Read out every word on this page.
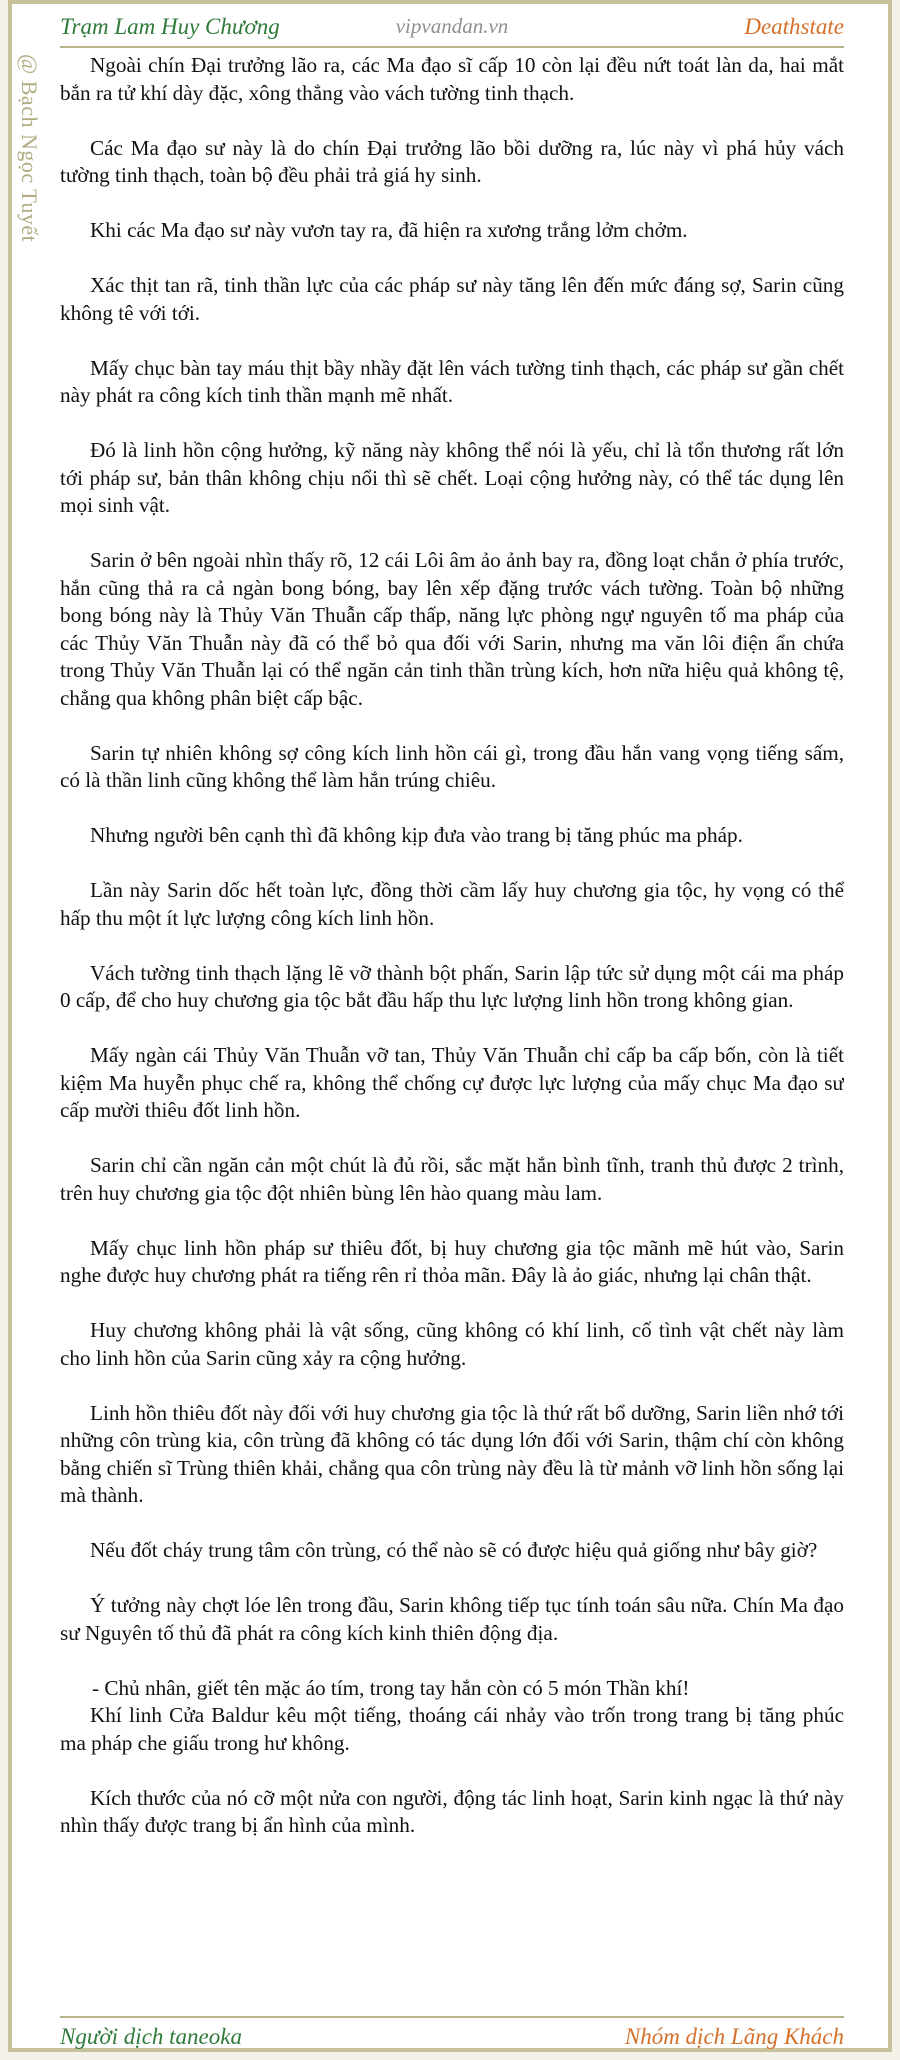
Trạm Lam Huy Chương	vipvandan.vn	Deathstate
@ Bạch Ngọc Tuyết	Ngoài chín Đại trưởng lão ra, các Ma đạo sĩ cấp 10 còn lại đều nứt toát làn da, hai mắt bắn ra tử khí dày đặc, xông thẳng vào vách tường tinh thạch.

Các Ma đạo sư này là do chín Đại trưởng lão bồi dưỡng ra, lúc này vì phá hủy vách tường tinh thạch, toàn bộ đều phải trả giá hy sinh.

Khi các Ma đạo sư này vươn tay ra, đã hiện ra xương trắng lởm chởm.

Xác thịt tan rã, tinh thần lực của các pháp sư này tăng lên đến mức đáng sợ, Sarin cũng không tê với tới.

Mấy chục bàn tay máu thịt bầy nhầy đặt lên vách tường tinh thạch, các pháp sư gần chết này phát ra công kích tinh thần mạnh mẽ nhất.

Đó là linh hồn cộng hưởng, kỹ năng này không thể nói là yếu, chỉ là tổn thương rất lớn tới pháp sư, bản thân không chịu nổi thì sẽ chết. Loại cộng hưởng này, có thể tác dụng lên mọi sinh vật.

Sarin ở bên ngoài nhìn thấy rõ, 12 cái Lôi âm ảo ảnh bay ra, đồng loạt chắn ở phía trước, hắn cũng thả ra cả ngàn bong bóng, bay lên xếp đặng trước vách tường. Toàn bộ những bong bóng này là Thủy Văn Thuẫn cấp thấp, năng lực phòng ngự nguyên tố ma pháp của các Thủy Văn Thuẫn này đã có thể bỏ qua đối với Sarin, nhưng ma văn lôi điện ẩn chứa trong Thủy Văn Thuẫn lại có thể ngăn cản tinh thần trùng kích, hơn nữa hiệu quả không tệ, chẳng qua không phân biệt cấp bậc.

Sarin tự nhiên không sợ công kích linh hồn cái gì, trong đầu hắn vang vọng tiếng sấm, có là thần linh cũng không thể làm hắn trúng chiêu.

Nhưng người bên cạnh thì đã không kịp đưa vào trang bị tăng phúc ma pháp.

Lần này Sarin dốc hết toàn lực, đồng thời cầm lấy huy chương gia tộc, hy vọng có thể hấp thu một ít lực lượng công kích linh hồn.

Vách tường tinh thạch lặng lẽ vỡ thành bột phấn, Sarin lập tức sử dụng một cái ma pháp 0 cấp, để cho huy chương gia tộc bắt đầu hấp thu lực lượng linh hồn trong không gian.

Mấy ngàn cái Thủy Văn Thuẫn vỡ tan, Thủy Văn Thuẫn chỉ cấp ba cấp bốn, còn là tiết kiệm Ma huyễn phục chế ra, không thể chống cự được lực lượng của mấy chục Ma đạo sư cấp mười thiêu đốt linh hồn.

Sarin chỉ cần ngăn cản một chút là đủ rồi, sắc mặt hắn bình tĩnh, tranh thủ được 2 trình, trên huy chương gia tộc đột nhiên bùng lên hào quang màu lam.

Mấy chục linh hồn pháp sư thiêu đốt, bị huy chương gia tộc mãnh mẽ hút vào, Sarin nghe được huy chương phát ra tiếng rên rỉ thỏa mãn. Đây là ảo giác, nhưng lại chân thật.

Huy chương không phải là vật sống, cũng không có khí linh, cố tình vật chết này làm cho linh hồn của Sarin cũng xảy ra cộng hưởng.

Linh hồn thiêu đốt này đối với huy chương gia tộc là thứ rất bổ dưỡng, Sarin liền nhớ tới những côn trùng kia, côn trùng đã không có tác dụng lớn đối với Sarin, thậm chí còn không bằng chiến sĩ Trùng thiên khải, chẳng qua côn trùng này đều là từ mảnh vỡ linh hồn sống lại mà thành.

Nếu đốt cháy trung tâm côn trùng, có thể nào sẽ có được hiệu quả giống như bây giờ?

Ý tưởng này chợt lóe lên trong đầu, Sarin không tiếp tục tính toán sâu nữa. Chín Ma đạo sư Nguyên tố thủ đã phát ra công kích kinh thiên động địa.

- Chủ nhân, giết tên mặc áo tím, trong tay hắn còn có 5 món Thần khí!

Khí linh Cửa Baldur kêu một tiếng, thoáng cái nhảy vào trốn trong trang bị tăng phúc ma pháp che giấu trong hư không.

Kích thước của nó cỡ một nửa con người, động tác linh hoạt, Sarin kinh ngạc là thứ này nhìn thấy được trang bị ẩn hình của mình.

Người dịch taneoka	Nhóm dịch Lãng Khách
